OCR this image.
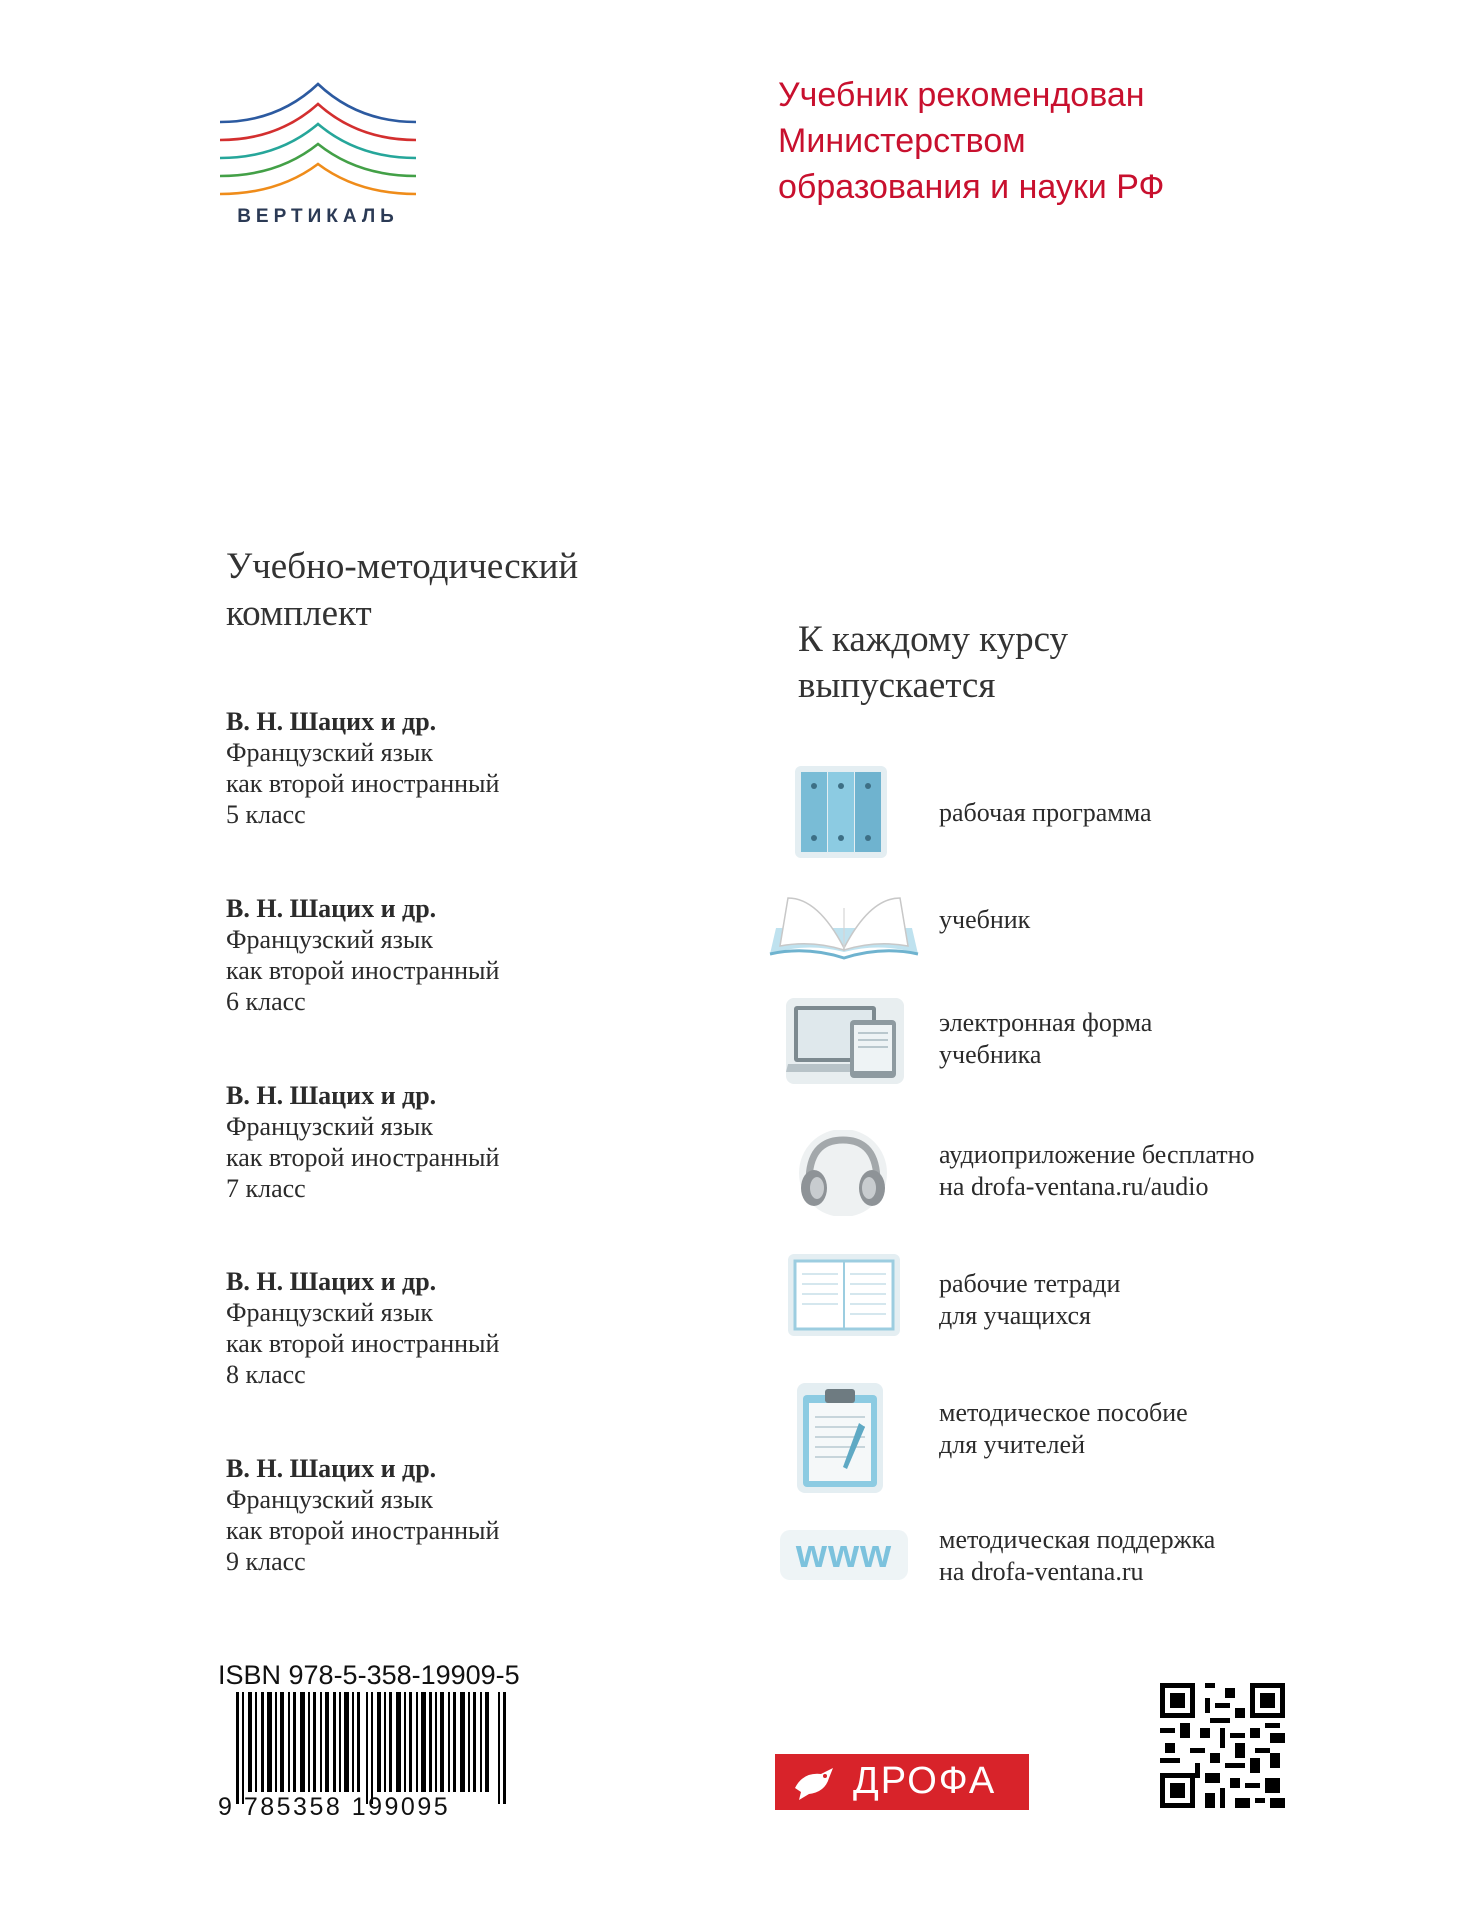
ВЕРТИКАЛЬ
Учебник рекомендован
Министерством
образования и науки РФ
Учебно-методический
комплект
В. Н. Шацих и др.
Французский язык
как второй иностранный
5 класс
В. Н. Шацих и др.
Французский язык
как второй иностранный
6 класс
В. Н. Шацих и др.
Французский язык
как второй иностранный
7 класс
В. Н. Шацих и др.
Французский язык
как второй иностранный
8 класс
В. Н. Шацих и др.
Французский язык
как второй иностранный
9 класс
К каждому курсу
выпускается
рабочая программа
учебник
электронная форма
учебника
аудиоприложение бесплатно
на drofa-ventana.ru/audio
рабочие тетради
для учащихся
методическое пособие
для учителей
www	методическая поддержка
на drofa-ventana.ru
ISBN 978-5-358-19909-5
9 785358 199095
ДРОФА
